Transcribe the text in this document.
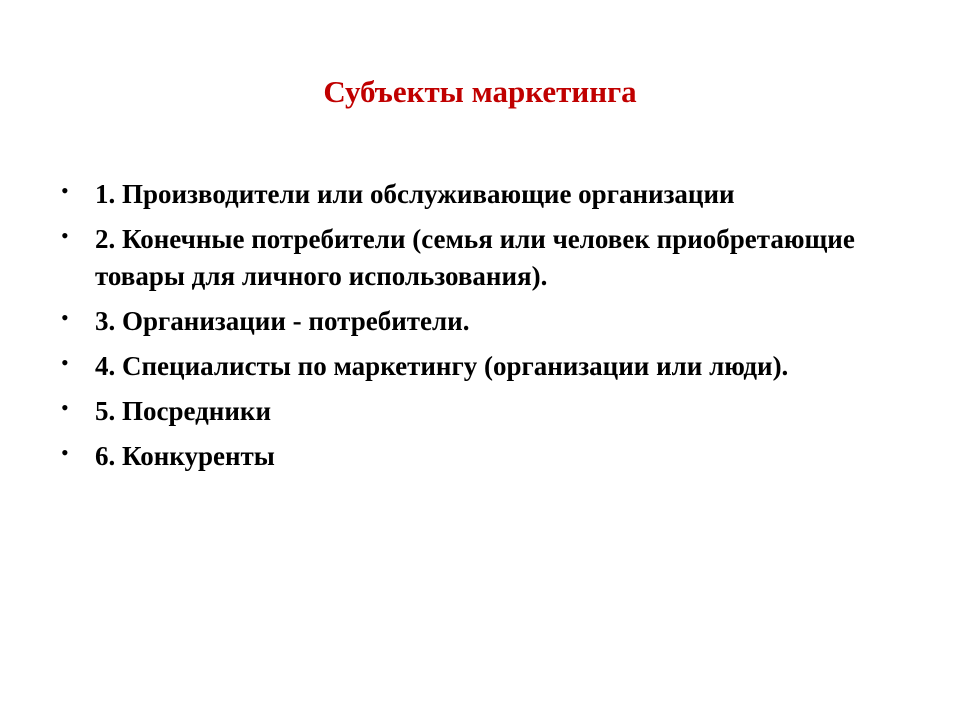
Субъекты маркетинга
• 1. Производители или обслуживающие организации
• 2. Конечные потребители (семья или человек приобретающие товары для личного использования).
• 3. Организации - потребители.
• 4. Специалисты по маркетингу (организации или люди).
• 5. Посредники
• 6. Конкуренты
